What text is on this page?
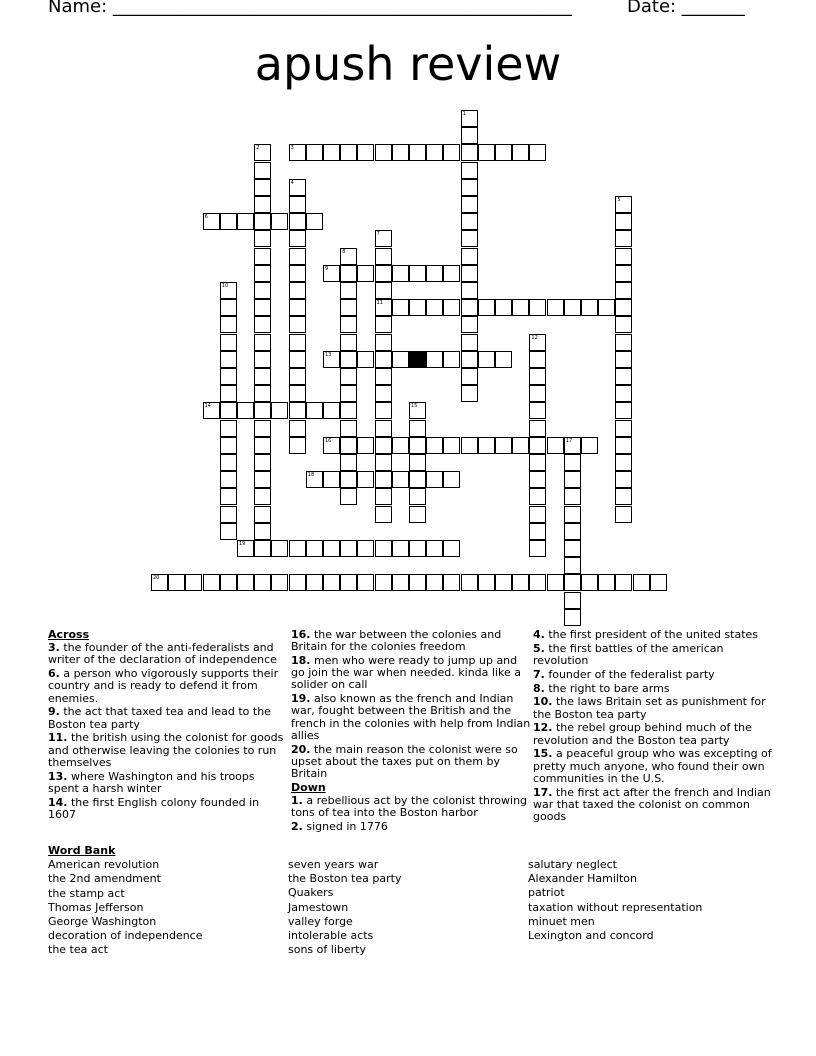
Name: ___________________________________________________	Date: _______
apush review
1
2	3
4
5
6
7
11
8
9
10
12
13
14	15
16	17
18
19
20
Across
3. the founder of the anti-federalists and writer of the declaration of independence
6. a person who vigorously supports their country and is ready to defend it from enemies.
9. the act that taxed tea and lead to the Boston tea party
11. the british using the colonist for goods and otherwise leaving the colonies to run themselves
13. where Washington and his troops spent a harsh winter
14. the first English colony founded in 1607
16. the war between the colonies and Britain for the colonies freedom
18. men who were ready to jump up and go join the war when needed. kinda like a solider on call
19. also known as the french and Indian war, fought between the British and the french in the colonies with help from Indian allies
20. the main reason the colonist were so upset about the taxes put on them by Britain
Down
1. a rebellious act by the colonist throwing tons of tea into the Boston harbor
2. signed in 1776
4. the first president of the united states
5. the first battles of the american revolution
7. founder of the federalist party
8. the right to bare arms
10. the laws Britain set as punishment for the Boston tea party
12. the rebel group behind much of the revolution and the Boston tea party
15. a peaceful group who was excepting of pretty much anyone, who found their own communities in the U.S.
17. the first act after the french and Indian war that taxed the colonist on common goods
Word Bank
American revolution
the 2nd amendment
the stamp act
Thomas Jefferson
George Washington
decoration of independence
the tea act
seven years war
the Boston tea party
Quakers
Jamestown
valley forge
intolerable acts
sons of liberty
salutary neglect
Alexander Hamilton
patriot
taxation without representation
minuet men
Lexington and concord
